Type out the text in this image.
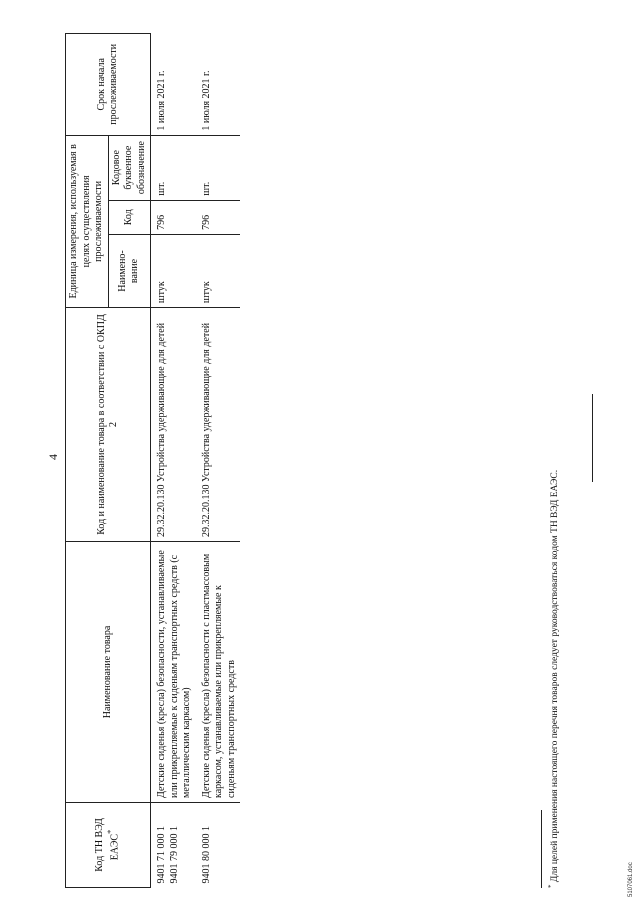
4
Код ТН ВЭД ЕАЭС*	Наименование товара	Код и наименование товара в соответствии с ОКПД 2	Единица измерения, используемая в целях осуществления прослеживаемости			Срок начала прослеживаемости
			Наимено-вание	Код	Кодовое буквенное обозначение	

9401 71 000 1 9401 79 000 1	Детские сиденья (кресла) безопасности, устанавливаемые или прикрепляемые к сиденьям транспортных средств (с металлическим каркасом)	29.32.20.130 Устройства удерживающие для детей	штук	796	шт.	1 июля 2021 г.

9401 80 000 1	Детские сиденья (кресла) безопасности с пластмассовым каркасом, устанавливаемые или прикрепляемые к сиденьям транспортных средств	29.32.20.130 Устройства удерживающие для детей	штук	796	шт.	1 июля 2021 г.
* Для целей применения настоящего перечня товаров следует руководствоваться кодом ТН ВЭД ЕАЭС.	5107061.doc
